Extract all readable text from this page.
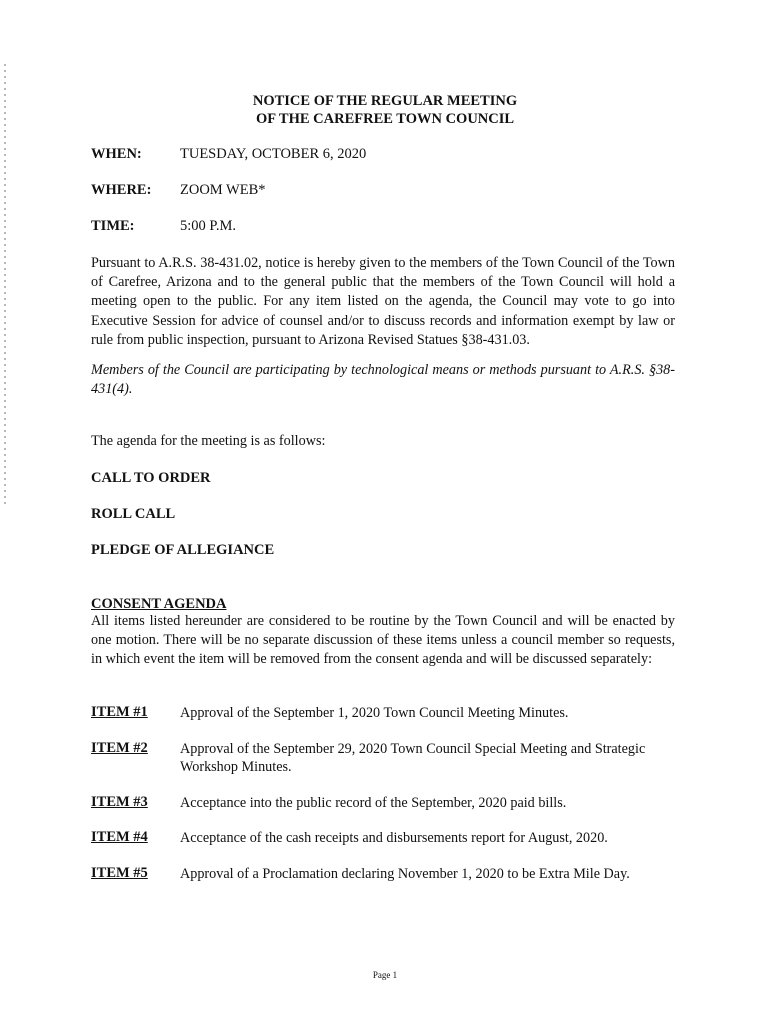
NOTICE OF THE REGULAR MEETING
OF THE CAREFREE TOWN COUNCIL
WHEN:	TUESDAY, OCTOBER 6, 2020
WHERE: ZOOM WEB*
TIME:	5:00 P.M.
Pursuant to A.R.S. 38-431.02, notice is hereby given to the members of the Town Council of the Town of Carefree, Arizona and to the general public that the members of the Town Council will hold a meeting open to the public. For any item listed on the agenda, the Council may vote to go into Executive Session for advice of counsel and/or to discuss records and information exempt by law or rule from public inspection, pursuant to Arizona Revised Statues §38-431.03.
Members of the Council are participating by technological means or methods pursuant to A.R.S. §38-431(4).
The agenda for the meeting is as follows:
CALL TO ORDER
ROLL CALL
PLEDGE OF ALLEGIANCE
CONSENT AGENDA
All items listed hereunder are considered to be routine by the Town Council and will be enacted by one motion. There will be no separate discussion of these items unless a council member so requests, in which event the item will be removed from the consent agenda and will be discussed separately:
ITEM #1 Approval of the September 1, 2020 Town Council Meeting Minutes.
ITEM #2 Approval of the September 29, 2020 Town Council Special Meeting and Strategic Workshop Minutes.
ITEM #3 Acceptance into the public record of the September, 2020 paid bills.
ITEM #4 Acceptance of the cash receipts and disbursements report for August, 2020.
ITEM #5 Approval of a Proclamation declaring November 1, 2020 to be Extra Mile Day.
Page 1
